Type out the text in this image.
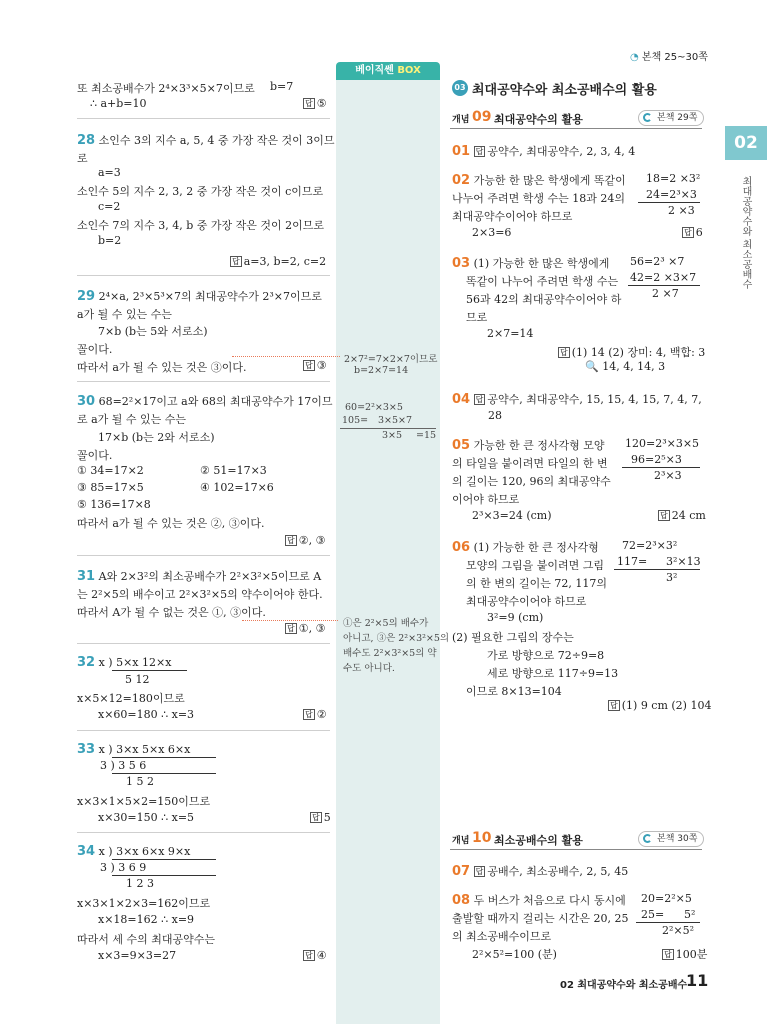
베이직쎈 BOX
2×7²=7×2×7이므로
b=2×7=14
60=2²×3×5
105= 3×5×7
3×5 =15
①은 2²×5의 배수가
아니고, ③은 2²×3²×5의
배수도 2²×3²×5의 약
수도 아니다.
◔ 본책 25~30쪽
03 최대공약수와 최소공배수의 활용
02
최대공약수와 최소공배수
또 최소공배수가 2⁴×3³×5×7이므로 b=7
∴ a+b=10	답 ⑤
28 소인수 3의 지수 a, 5, 4 중 가장 작은 것이 3이므
로
a=3
소인수 5의 지수 2, 3, 2 중 가장 작은 것이 c이므로
c=2
소인수 7의 지수 3, 4, b 중 가장 작은 것이 2이므로
b=2
답 a=3, b=2, c=2
29 2⁴×a, 2³×5³×7의 최대공약수가 2³×7이므로
a가 될 수 있는 수는
7×b (b는 5와 서로소)
꼴이다.
따라서 a가 될 수 있는 것은 ③이다.	답 ③
30 68=2²×17이고 a와 68의 최대공약수가 17이므
로 a가 될 수 있는 수는
17×b (b는 2와 서로소)
꼴이다.
① 34=17×2	② 51=17×3
③ 85=17×5	④ 102=17×6
⑤ 136=17×8
따라서 a가 될 수 있는 것은 ②, ③이다.
답 ②, ③
31 A와 2×3²의 최소공배수가 2²×3²×5이므로 A
는 2²×5의 배수이고 2²×3²×5의 약수이어야 한다.
따라서 A가 될 수 없는 것은 ①, ③이다.
답 ①, ③
32 x ) 5×x 12×x
5 12
x×5×12=180이므로
x×60=180 ∴ x=3	답 ②
33 x ) 3×x 5×x 6×x
3 ) 3 5 6
1 5 2
x×3×1×5×2=150이므로
x×30=150 ∴ x=5	답 5
34 x ) 3×x 6×x 9×x
3 ) 3 6 9
1 2 3
x×3×1×2×3=162이므로
x×18=162 ∴ x=9
따라서 세 수의 최대공약수는
x×3=9×3=27	답 ④
개념 09 최대공약수의 활용	본책 29쪽
01 답 공약수, 최대공약수, 2, 3, 4, 4
02 가능한 한 많은 학생에게 똑같이
나누어 주려면 학생 수는 18과 24의
최대공약수이어야 하므로
2×3=6
18=2 ×3²
24=2³×3
2 ×3
답 6
03 (1) 가능한 한 많은 학생에게
똑같이 나누어 주려면 학생 수는
56과 42의 최대공약수이어야 하
므로
2×7=14
56=2³ ×7
42=2 ×3×7
2 ×7
답 (1) 14 (2) 장미: 4, 백합: 3
🔍 14, 4, 14, 3
04 답 공약수, 최대공약수, 15, 15, 4, 15, 7, 4, 7,
28
05 가능한 한 큰 정사각형 모양
의 타일을 붙이려면 타일의 한 변
의 길이는 120, 96의 최대공약수
이어야 하므로
2³×3=24 (cm)
120=2³×3×5
96=2⁵×3
2³×3
답 24 cm
06 (1) 가능한 한 큰 정사각형
모양의 그림을 붙이려면 그림
의 한 변의 길이는 72, 117의
최대공약수이어야 하므로
3²=9 (cm)
(2) 필요한 그림의 장수는
가로 방향으로 72÷9=8
세로 방향으로 117÷9=13
이므로 8×13=104
72=2³×3²
117= 3²×13
3²
답 (1) 9 cm (2) 104
개념 10 최소공배수의 활용	본책 30쪽
07 답 공배수, 최소공배수, 2, 5, 45
08 두 버스가 처음으로 다시 동시에
출발할 때까지 걸리는 시간은 20, 25
의 최소공배수이므로
2²×5²=100 (분)
20=2²×5
25= 5²
2²×5²
답 100분
02 최대공약수와 최소공배수
11
